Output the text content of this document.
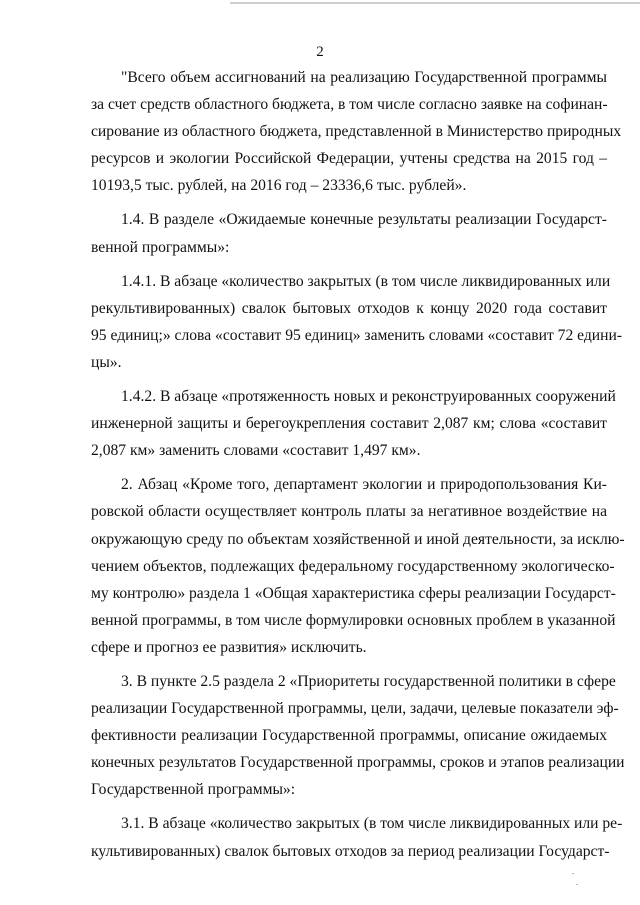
2
"Всего объем ассигнований на реализацию Государственной программы
за счет средств областного бюджета, в том числе согласно заявке на софинан-
сирование из областного бюджета, представленной в Министерство природных
ресурсов и экологии Российской Федерации, учтены средства на 2015 год –
10193,5 тыс. рублей, на 2016 год – 23336,6 тыс. рублей».
1.4. В разделе «Ожидаемые конечные результаты реализации Государст-
венной программы»:
1.4.1. В абзаце «количество закрытых (в том числе ликвидированных или
рекультивированных) свалок бытовых отходов к концу 2020 года составит
95 единиц;» слова «составит 95 единиц» заменить словами «составит 72 едини-
цы».
1.4.2. В абзаце «протяженность новых и реконструированных сооружений
инженерной защиты и берегоукрепления составит 2,087 км; слова «составит
2,087 км» заменить словами «составит 1,497 км».
2. Абзац «Кроме того, департамент экологии и природопользования Ки-
ровской области осуществляет контроль платы за негативное воздействие на
окружающую среду по объектам хозяйственной и иной деятельности, за исклю-
чением объектов, подлежащих федеральному государственному экологическо-
му контролю» раздела 1 «Общая характеристика сферы реализации Государст-
венной программы, в том числе формулировки основных проблем в указанной
сфере и прогноз ее развития» исключить.
3. В пункте 2.5 раздела 2 «Приоритеты государственной политики в сфере
реализации Государственной программы, цели, задачи, целевые показатели эф-
фективности реализации Государственной программы, описание ожидаемых
конечных результатов Государственной программы, сроков и этапов реализации
Государственной программы»:
3.1. В абзаце «количество закрытых (в том числе ликвидированных или ре-
культивированных) свалок бытовых отходов за период реализации Государст-
